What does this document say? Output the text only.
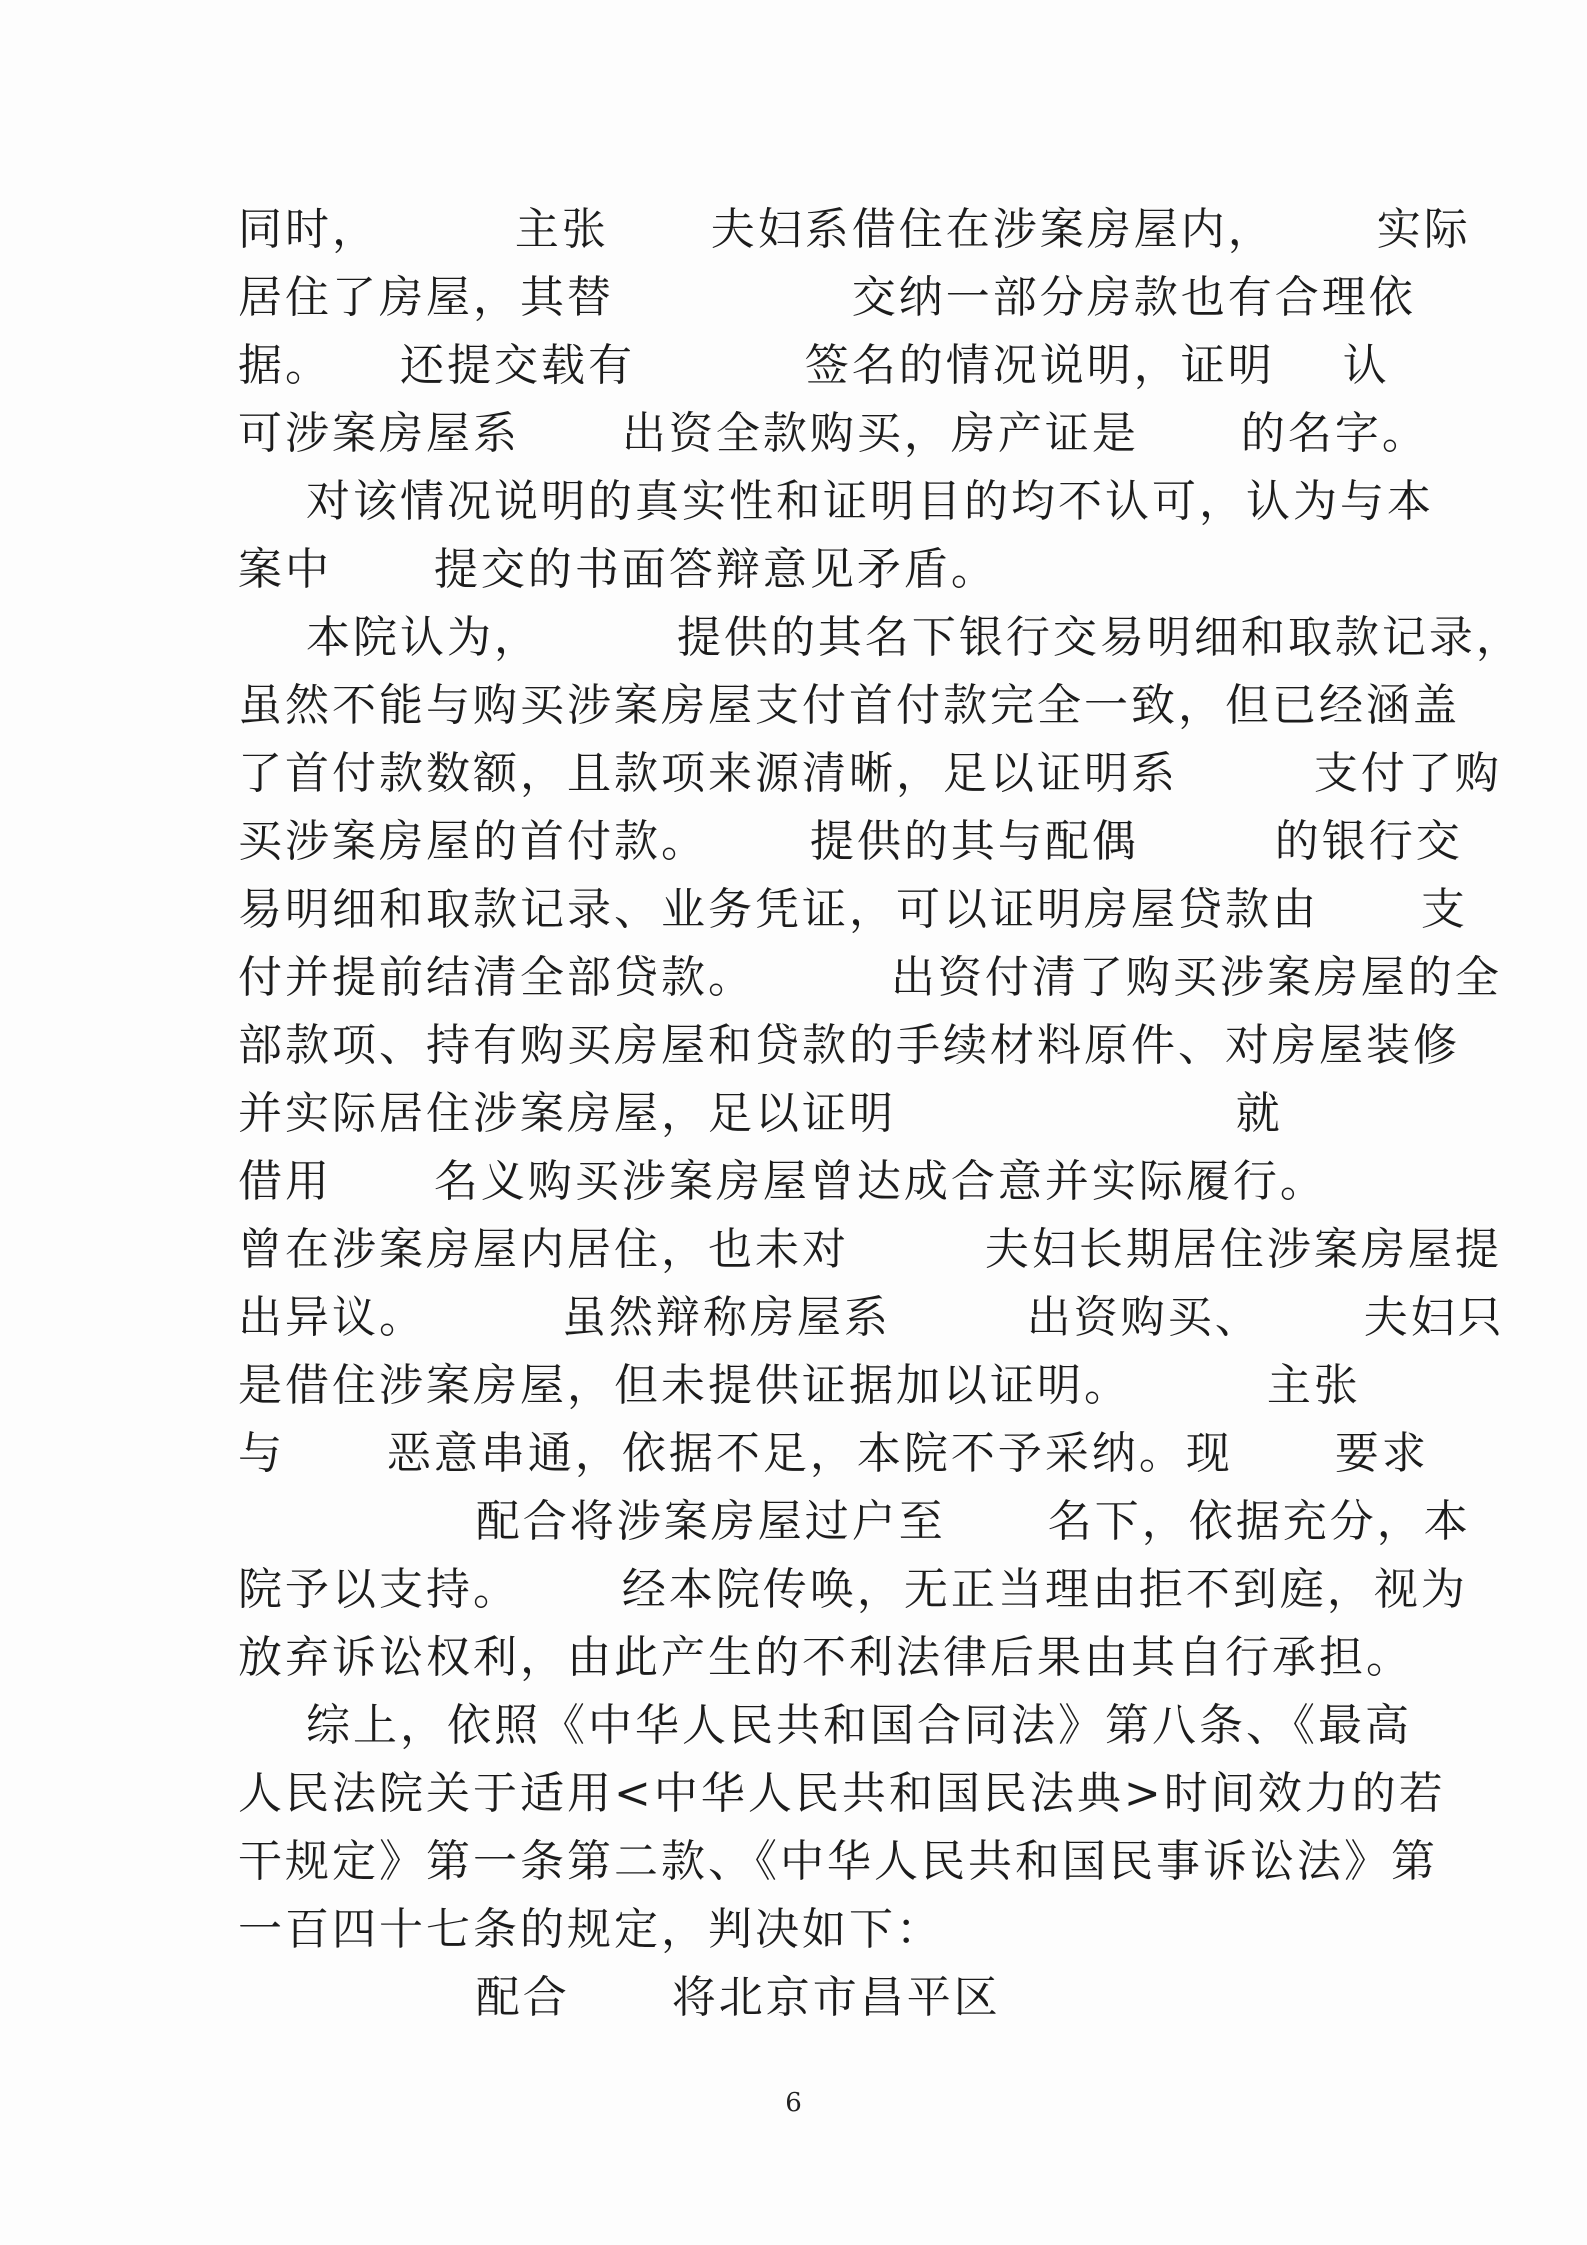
同时，        主张      夫妇系借住在涉案房屋内，      实际
居住了房屋，其替              交纳一部分房款也有合理依
据。    还提交载有          签名的情况说明，证明    认
可涉案房屋系      出资全款购买，房产证是      的名字。
对该情况说明的真实性和证明目的均不认可，认为与本
案中      提交的书面答辩意见矛盾。
本院认为，        提供的其名下银行交易明细和取款记录，
虽然不能与购买涉案房屋支付首付款完全一致，但已经涵盖
了首付款数额，且款项来源清晰，足以证明系        支付了购
买涉案房屋的首付款。      提供的其与配偶        的银行交
易明细和取款记录、业务凭证，可以证明房屋贷款由      支
付并提前结清全部贷款。        出资付清了购买涉案房屋的全
部款项、持有购买房屋和贷款的手续材料原件、对房屋装修
并实际居住涉案房屋，足以证明                    就
借用      名义购买涉案房屋曾达成合意并实际履行。
曾在涉案房屋内居住，也未对        夫妇长期居住涉案房屋提
出异议。        虽然辩称房屋系        出资购买、      夫妇只
是借住涉案房屋，但未提供证据加以证明。        主张
与      恶意串通，依据不足，本院不予采纳。现      要求
配合将涉案房屋过户至      名下，依据充分，本
院予以支持。      经本院传唤，无正当理由拒不到庭，视为
放弃诉讼权利，由此产生的不利法律后果由其自行承担。
综上，依照《中华人民共和国合同法》第八条、《最高
人民法院关于适用<中华人民共和国民法典>时间效力的若
干规定》第一条第二款、《中华人民共和国民事诉讼法》第
一百四十七条的规定，判决如下：
配合      将北京市昌平区
6
